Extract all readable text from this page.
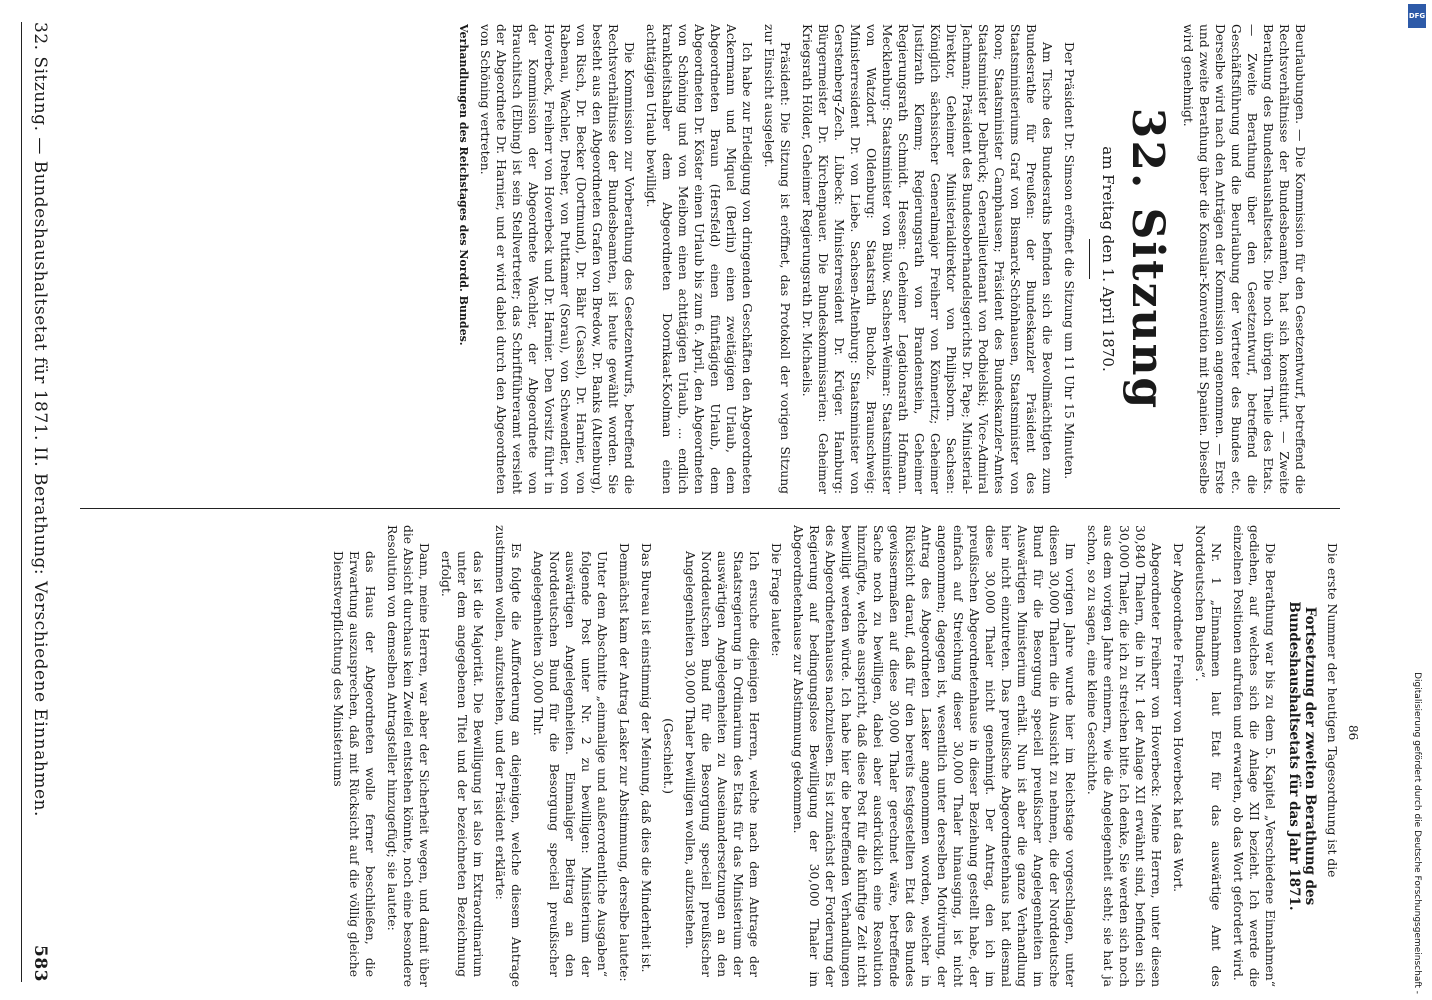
32. Sitzung. — Bundeshaushaltsetat für 1871. II. Berathung: Verschiedene Einnahmen.
583

Beurlaubungen. — Die Kommission für den Gesetzentwurf, betreffend die Rechtsverhältnisse der Bundesbeamten, hat sich konstituirt. — Zweite Berathung des Bundeshaushaltsetats. Die noch übrigen Theile des Etats. — Zweite Berathung über den Gesetzentwurf, betreffend die Geschäftsführung und die Beurlaubung der Vertreter des Bundes etc. Derselbe wird nach den Anträgen der Kommission angenommen. — Erste und zweite Berathung über die Konsular-Konvention mit Spanien. Dieselbe wird genehmigt.

32. Sitzung
am Freitag den 1. April 1870.

Der Präsident Dr. Simson eröffnet die Sitzung um 11 Uhr 15 Minuten.

Am Tische des Bundesraths befinden sich die Bevollmächtigten zum Bundesrathe für Preußen: der Bundeskanzler Präsident des Staatsministeriums Graf von Bismarck-Schönhausen, Staatsminister von Roon; Staatsminister Camphausen; Präsident des Bundeskanzler-Amtes Staatsminister Delbrück; Generallieutenant von Podbielski; Vice-Admiral Jachmann; Präsident des Bundesoberhandelsgerichts Dr. Pape; Ministerial-Direktor, Geheimer Ministerialdirektor von Philipsborn. Sachsen: Königlich sächsischer Generalmajor Freiherr von Könneritz; Geheimer Justizrath Klemm; Regierungsrath von Brandenstein, Geheimer Regierungsrath Schmidt. Hessen: Geheimer Legationsrath Hofmann. Mecklenburg: Staatsminister von Bülow. Sachsen-Weimar: Staatsminister von Watzdorf. Oldenburg: Staatsrath Bucholz. Braunschweig: Ministerresident Dr. von Liebe. Sachsen-Altenburg: Staatsminister von Gerstenberg-Zech. Lübeck: Ministerresident Dr. Krüger. Hamburg: Bürgermeister Dr. Kirchenpauer. Die Bundeskommissarien: Geheimer Kriegsrath Hölder, Geheimer Regierungsrath Dr. Michaelis.

Präsident: Die Sitzung ist eröffnet, das Protokoll der vorigen Sitzung zur Einsicht ausgelegt.

Ich habe zur Erledigung von dringenden Geschäften den Abgeordneten Ackermann und Miquel (Berlin) einen zweitägigen Urlaub, dem Abgeordneten Braun (Hersfeld) einen fünftägigen Urlaub, dem Abgeordneten Dr. Köster einen Urlaub bis zum 6. April, den Abgeordneten von Schöning und von Meibom einen achttägigen Urlaub, ... endlich krankheitshalber dem Abgeordneten Doornkaat-Koolman einen achttägigen Urlaub bewilligt.

Die Kommission zur Vorberathung des Gesetzentwurfs, betreffend die Rechtsverhältnisse der Bundesbeamten, ist heute gewählt worden. Sie besteht aus den Abgeordneten Grafen von Bredow, Dr. Banks (Altenburg), von Risch, Dr. Becker (Dortmund), Dr. Bähr (Cassel), Dr. Harnier, von Rabenau, Wachler, Dreher, von Puttkamer (Sorau), von Schwendler, von Hoverbeck, Freiherr von Hoverbeck und Dr. Harnier. Den Vorsitz führt in der Kommission der Abgeordnete Wachler, der Abgeordnete von Brauchitsch (Elbing) ist sein Stellvertreter; das Schriftführeramt versieht der Abgeordnete Dr. Harnier, und er wird dabei durch den Abgeordneten von Schöning vertreten.

Verhandlungen des Reichstages des Nordd. Bundes.

Die erste Nummer der heutigen Tagesordnung ist die

Fortsetzung der zweiten Berathung des Bundeshaushaltsetats für das Jahr 1871.

Die Berathung war bis zu dem 5. Kapitel „Verschiedene Einnahmen“ gediehen, auf welches sich die Anlage XII bezieht. Ich werde die einzelnen Positionen aufrufen und erwarten, ob das Wort gefordert wird.

Nr. 1 „Einnahmen laut Etat für das auswärtige Amt des Norddeutschen Bundes“.

Der Abgeordnete Freiherr von Hoverbeck hat das Wort.

Abgeordneter Freiherr von Hoverbeck: Meine Herren, unter diesen 30,840 Thalern, die in Nr. 1 der Anlage XII erwähnt sind, befinden sich 30,000 Thaler, die ich zu streichen bitte. Ich denke, Sie werden sich noch aus dem vorigen Jahre erinnern, wie die Angelegenheit steht; sie hat ja schon, so zu sagen, eine kleine Geschichte.

Im vorigen Jahre wurde hier im Reichstage vorgeschlagen, unter diesen 30,000 Thalern die in Aussicht zu nehmen, die der Norddeutsche Bund für die Besorgung speciell preußischer Angelegenheiten im Auswärtigen Ministerium erhält. Nun ist aber die ganze Verhandlung hier nicht einzutreten. Das preußische Abgeordnetenhaus hat diesmal diese 30,000 Thaler nicht genehmigt. Der Antrag, den ich im preußischen Abgeordnetenhause in dieser Beziehung gestellt habe, der einfach auf Streichung dieser 30,000 Thaler hinausging, ist nicht angenommen; dagegen ist, wesentlich unter derselben Motivirung, der Antrag des Abgeordneten Lasker angenommen worden, welcher in Rücksicht darauf, daß für den bereits festgestellten Etat des Bundes gewissermaßen auf diese 30,000 Thaler gerechnet wäre, betreffende Sache noch zu bewilligen, dabei aber ausdrücklich eine Resolution hinzufügte, welche ausspricht, daß diese Post für die künftige Zeit nicht bewilligt werden würde. Ich habe hier die betreffenden Verhandlungen des Abgeordnetenhauses nachzulesen. Es ist zunächst der Forderung der Regierung auf bedingungslose Bewilligung der 30,000 Thaler im Abgeordnetenhause zur Abstimmung gekommen.

Die Frage lautete:

Ich ersuche diejenigen Herren, welche nach dem Antrage der Staatsregierung in Ordinarium des Etats für das Ministerium der auswärtigen Angelegenheiten zu Auseinandersetzungen an den Norddeutschen Bund für die Besorgung speciell preußischer Angelegenheiten 30,000 Thaler bewilligen wollen, aufzustehen.

(Geschieht.)

Das Bureau ist einstimmig der Meinung, daß dies die Minderheit ist.

Demnächst kam der Antrag Lasker zur Abstimmung, derselbe lautete:

Unter dem Abschnitte „einmalige und außerordentliche Ausgaben“ folgende Post unter Nr. 2 zu bewilligen: Ministerium der auswärtigen Angelegenheiten. Einmaliger Beitrag an den Norddeutschen Bund für die Besorgung speciell preußischer Angelegenheiten 30,000 Thlr.

Es folgte die Aufforderung an diejenigen, welche diesem Antrage zustimmen wollen, aufzustehen, und der Präsident erklärte:

das ist die Majorität. Die Bewilligung ist also im Extraordinarium unter dem angegebenen Titel und der bezeichneten Bezeichnung erfolgt.

Dann, meine Herren, war aber der Sicherheit wegen, und damit über die Absicht durchaus kein Zweifel entstehen könnte, noch eine besondere Resolution von demselben Antragsteller hinzugefügt; sie lautete:

das Haus der Abgeordneten wolle ferner beschließen, die Erwartung auszusprechen, daß mit Rücksicht auf die völlig gleiche Dienstverpflichtung des Ministeriums	86	Digitalisierung gefördert durch die Deutsche Forschungsgemeinschaft -
DFG
